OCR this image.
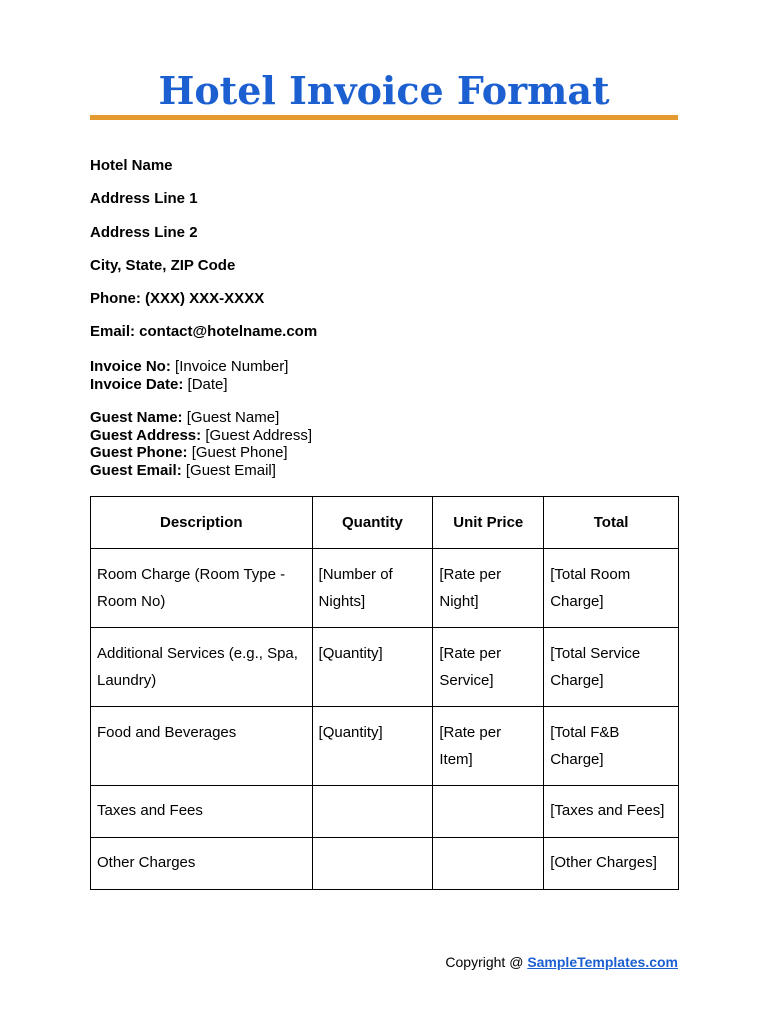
Hotel Invoice Format
Hotel Name
Address Line 1
Address Line 2
City, State, ZIP Code
Phone: (XXX) XXX-XXXX
Email: contact@hotelname.com
Invoice No: [Invoice Number]
Invoice Date: [Date]
Guest Name: [Guest Name]
Guest Address: [Guest Address]
Guest Phone: [Guest Phone]
Guest Email: [Guest Email]
Description	Quantity	Unit Price	Total
Room Charge (Room Type - Room No)	[Number of Nights]	[Rate per Night]	[Total Room Charge]
Additional Services (e.g., Spa, Laundry)	[Quantity]	[Rate per Service]	[Total Service Charge]
Food and Beverages	[Quantity]	[Rate per Item]	[Total F&B Charge]
Taxes and Fees			[Taxes and Fees]
Other Charges			[Other Charges]
Copyright @ SampleTemplates.com
